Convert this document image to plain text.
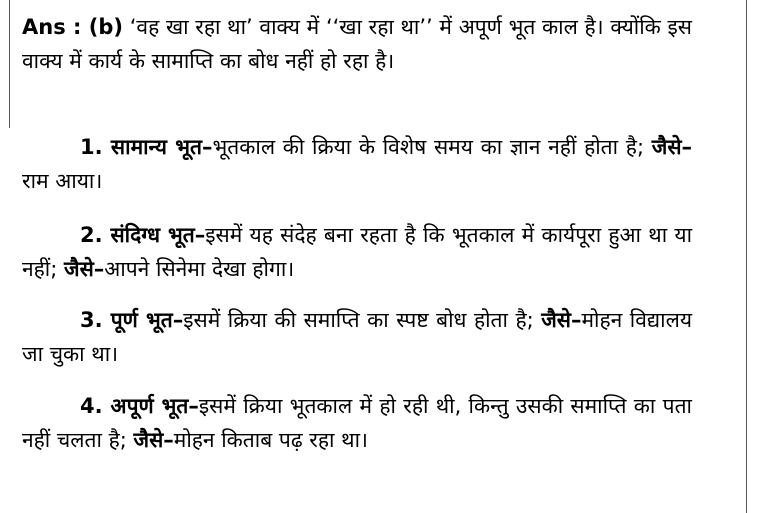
Ans : (b) ‘वह खा रहा था’ वाक्य में ‘‘खा रहा था’’ में अपूर्ण भूत काल है। क्योंकि इस वाक्य में कार्य के सामाप्ति का बोध नहीं हो रहा है।
1. सामान्य भूत–भूतकाल की क्रिया के विशेष समय का ज्ञान नहीं होता है; जैसे–राम आया।
2. संदिग्ध भूत–इसमें यह संदेह बना रहता है कि भूतकाल में कार्यपूरा हुआ था या नहीं; जैसे–आपने सिनेमा देखा होगा।
3. पूर्ण भूत–इसमें क्रिया की समाप्ति का स्पष्ट बोध होता है; जैसे–मोहन विद्यालय जा चुका था।
4. अपूर्ण भूत–इसमें क्रिया भूतकाल में हो रही थी, किन्तु उसकी समाप्ति का पता नहीं चलता है; जैसे–मोहन किताब पढ़ रहा था।
